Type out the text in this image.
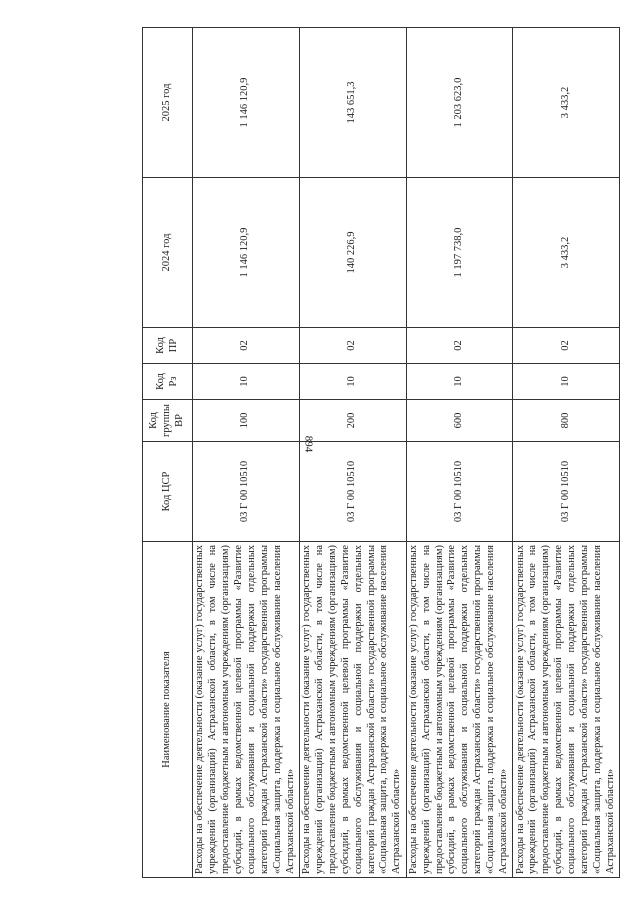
894
Наименование показателя	Код ЦСР	Код группы ВР	Код Рз	Код ПР	2024 год	2025 год
Расходы на обеспечение деятельности (оказание услуг) государственных учреждений (организаций) Астраханской области, в том числе на предоставление бюджетным и автономным учреждениям (организациям) субсидий, в рамках ведомственной целевой программы «Развитие социального обслуживания и социальной поддержки отдельных категорий граждан Астраханской области» государственной программы «Социальная защита, поддержка и социальное обслуживание населения Астраханской области»	03 Г 00 10510	100	10	02	1 146 120,9	1 146 120,9
Расходы на обеспечение деятельности (оказание услуг) государственных учреждений (организаций) Астраханской области, в том числе на предоставление бюджетным и автономным учреждениям (организациям) субсидий, в рамках ведомственной целевой программы «Развитие социального обслуживания и социальной поддержки отдельных категорий граждан Астраханской области» государственной программы «Социальная защита, поддержка и социальное обслуживание населения Астраханской области»	03 Г 00 10510	200	10	02	140 226,9	143 651,3
Расходы на обеспечение деятельности (оказание услуг) государственных учреждений (организаций) Астраханской области, в том числе на предоставление бюджетным и автономным учреждениям (организациям) субсидий, в рамках ведомственной целевой программы «Развитие социального обслуживания и социальной поддержки отдельных категорий граждан Астраханской области» государственной программы «Социальная защита, поддержка и социальное обслуживание населения Астраханской области»	03 Г 00 10510	600	10	02	1 197 738,0	1 203 623,0
Расходы на обеспечение деятельности (оказание услуг) государственных учреждений (организаций) Астраханской области, в том числе на предоставление бюджетным и автономным учреждениям (организациям) субсидий, в рамках ведомственной целевой программы «Развитие социального обслуживания и социальной поддержки отдельных категорий граждан Астраханской области» государственной программы «Социальная защита, поддержка и социальное обслуживание населения Астраханской области»	03 Г 00 10510	800	10	02	3 433,2	3 433,2
